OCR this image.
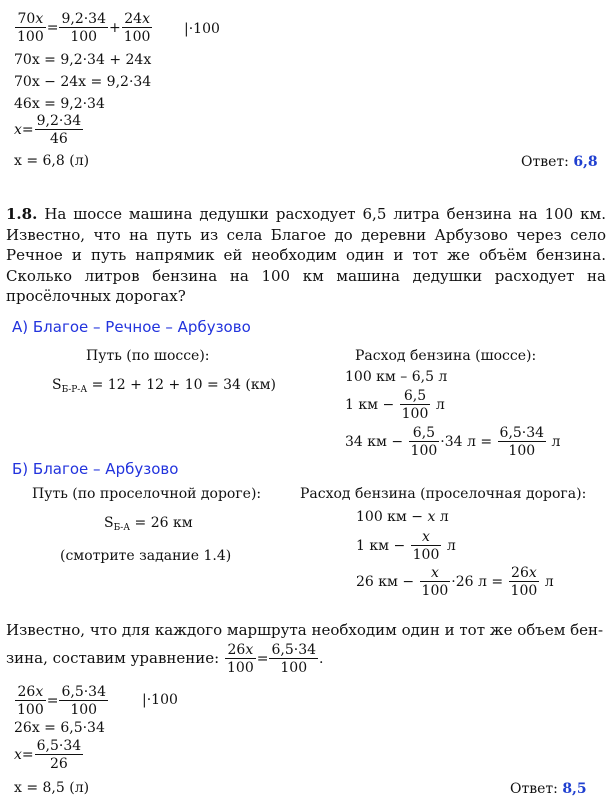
$\frac{70x}{100} = \frac{9,2\cdot 34}{100} + \frac{24x}{100} |\cdot 100$
70x = 9,2·34 + 24x
70x − 24x = 9,2·34
46x = 9,2·34
$x= \frac{9,2\cdot 34}{46}$
x = 6,8 (л)	Ответ: 6,8
1.8. На шоссе машина дедушки расходует 6,5 литра бензина на 100 км. Известно, что на путь из села Благое до деревни Арбузово через село Речное и путь напрямик ей необходим один и тот же объём бензина. Сколько литров бензина на 100 км машина дедушки расходует на просёлочных дорогах?
А) Благое – Речное – Арбузово
Путь (по шоссе):	Расход бензина (шоссе):
$S_{Б-Р-А} = 12 + 12 + 10 = 34$ (км)	100 км – 6,5 л
1 км − $\frac{6,5}{100}$ л
34 км − $\frac{6,5}{100} \cdot 34$ $л = \frac{6,5\cdot 34}{100}$ л
Б) Благое – Арбузово
Путь (по проселочной дороге):	Расход бензина (проселочная дорога):
$S_{Б-А} = 26$ км
(смотрите задание 1.4)
100 км − x л
1 км − $\frac{x}{100}$ л
26 км − $\frac{x}{100} \cdot 26$ $л = \frac{26x}{100}$ л
Известно, что для каждого маршрута необходим один и тот же объем бен-
зина, составим уравнение: $\frac{26x}{100} = \frac{6,5\cdot 34}{100}$ .
$\frac{26x}{100} = \frac{6,5\cdot 34}{100} |\cdot 100$
26x = 6,5·34
$x= \frac{6,5\cdot 34}{26}$
x = 8,5 (л)	Ответ: 8,5
